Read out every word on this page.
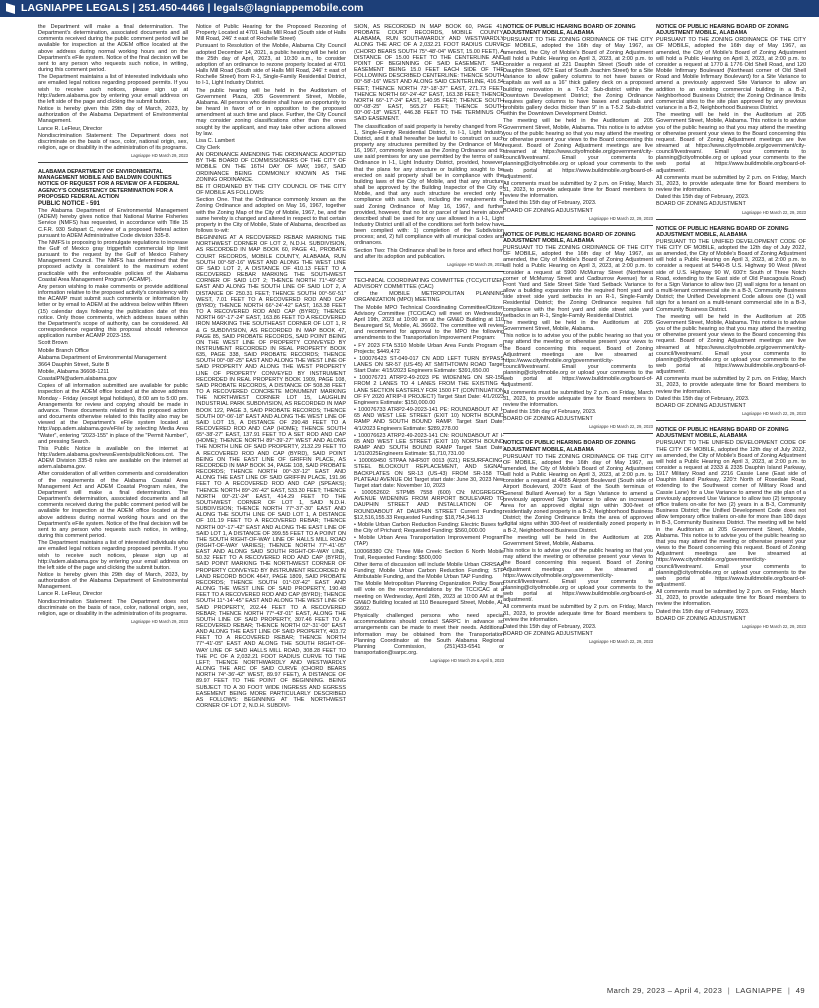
LAGNIAPPE LEGALS | 251.450-4466 | legals@lagniappemobile.com

the Department will make a final determination. The Department's determination, associated documents and all comments received during the public comment period will be available for inspection at the ADEM office located at the above address during normal working hours and on the Department's eFile system. Notice of the final decision will be sent to any person who requests such notice, in writing, during this comment period.

The Department maintains a list of interested individuals who are emailed legal notices regarding proposed permits. If you wish to receive such notices, please sign up at http://adem.alabama.gov by entering your email address on the left side of the page and clicking the submit button.

Notice is hereby given this 29th day of March, 2023, by authorization of the Alabama Department of Environmental Management.

Lance R. LeFleur, Director

Nondiscrimination Statement: The Department does not discriminate on the basis of race, color, national origin, sex, religion, age or disability in the administration of its programs.

Lagniappe HD March 29, 2023

ALABAMA DEPARTMENT OF ENVIRONMENTAL MANAGEMENT MOBILE AND BALDWIN COUNTIES NOTICE OF REQUEST FOR A REVIEW OF A FEDERAL AGENCY'S CONSISTENCY DETERMINATION FOR A PROPOSED FEDERAL ACTION

PUBLIC NOTICE - 591

The Alabama Department of Environmental Management (ADEM) hereby gives notice that National Marine Fisheries Service (NMFS) has requested, in accordance with Title 15 C.F.R. 930 Subpart C, review of a proposed federal action pursuant to ADEM Administrative Code division 335-8.

The NMFS is proposing to promulgate regulations to increase the Gulf of Mexico gray triggerfish commercial trip limit pursuant to the request by the Gulf of Mexico Fishery Management Council. The NMFS has determined that the proposed activity is consistent to the maximum extent practicable with the enforceable policies of the Alabama Coastal Area Management Program (ACAMP).

Any person wishing to make comments or provide additional information relative to the proposed activity's consistency with the ACAMP must submit such comments or information by letter or by email to ADEM at the address below within fifteen (15) calendar days following the publication date of this notice. Only those comments, which address issues within the Department's scope of authority, can be considered. All correspondence regarding this proposal should reference application number ACAMP 2023-155.

Scott Brown

Mobile Branch Office

Alabama Department of Environmental Management

3664 Dauphin Street, Suite B

Mobile, Alabama 36608-1211

CoastalPN@adem.alabama.gov

Copies of all information submitted are available for public inspection at the ADEM office located at the above address Monday - Friday (except legal holidays), 8:00 am to 5:00 pm. Arrangements for review and copying should be made in advance. These documents related to this proposed action and documents otherwise related to this facility also may be viewed at the Department's eFile system located at http://app.adem.alabama.gov/eFile/ by selecting Media Area "Water", entering "2023-155" in place of the "Permit Number", and pressing Search.

This Public Notice is available on the internet at http://adem.alabama.gov/newsEvents/publicNotices.cnt. The ADEM Division 335-8 rules are available on the internet at adem.alabama.gov.

After consideration of all written comments and consideration of the requirements of the Alabama Coastal Area Management Act and ADEM Coastal Program rules, the Department will make a final determination. The Department's determination, associated documents and all comments received during the public comment period will be available for inspection at the ADEM office located at the above address during normal working hours and on the Department's eFile system. Notice of the final decision will be sent to any person who requests such notice, in writing, during this comment period.

The Department maintains a list of interested individuals who are emailed legal notices regarding proposed permits. If you wish to receive such notices, please sign up at http://adem.alabama.gov by entering your email address on the left side of the page and clicking the submit button.

Notice is hereby given this 29th day of March, 2023, by authorization of the Alabama Department of Environmental Management.

Lance R. LeFleur, Director

Nondiscrimination Statement: The Department does not discriminate on the basis of race, color, national origin, sex, religion, age or disability in the administration of its programs.

Lagniappe HD March 29, 2023

Notice of Public Hearing for the Proposed Rezoning of Property Located at 4701 Halls Mill Road (South side of Halls Mill Road, 246' ± east of Rochelle Street)

Pursuant to Resolution of the Mobile, Alabama City Council adopted December 14, 2021, a public hearing will be held on the 25th day of April, 2023, at 10:30 a.m., to consider adoption of an ordinance to rezone property located at 4701 Halls Mill Road (South side of Halls Mill Road, 246' ± east of Rochelle Street) from R-1, Single-Family Residential District, to I-1, Light Industry District.

The public hearing will be held in the Auditorium of Government Plaza, 205 Government Street, Mobile, Alabama. All persons who desire shall have an opportunity to be heard in favor of or in opposition to the proposed amendment at such time and place. Further, the City Council may consider zoning classifications other than the ones sought by the applicant, and may take other actions allowed by law.

Lisa C. Lambert

City Clerk

AN ORDINANCE AMENDING THE ORDINANCE ADOPTED BY THE BOARD OF COMMISSIONERS OF THE CITY OF MOBILE ON THE 16TH DAY OF MAY, 1967, SAID ORDINANCE BEING COMMONLY KNOWN AS THE ZONING ORDINANCE.

BE IT ORDAINED BY THE CITY COUNCIL OF THE CITY OF MOBILE AS FOLLOWS:

Section One. That the Ordinance commonly known as the Zoning Ordinance and adopted on May 16, 1967, together with the Zoning Map of the City of Mobile, 1967, be, and the same hereby is changed and altered in respect to that certain property in the City of Mobile, State of Alabama, described as follows to-wit:

BEGINNING AT A RECOVERED REBAR MARKING THE NORTHWEST CORNER OF LOT 2, N.D.H. SUBDIVISION, AS RECORDED IN MAP BOOK 60, PAGE 41, PROBATE COURT RECORDS, MOBILE COUNTY, ALABAMA, RUN SOUTH 00°-58'-16" WEST AND ALONG THE WEST LINE OF SAID LOT 2, A DISTANCE OF 410.13 FEET TO A RECOVERED REBAR MARKING THE SOUTHWEST CORNER OF SAID LOT 2; THENCE NORTH 71°-49'-53" EAST AND ALONG THE SOUTH LINE OF SAID LOT 2, A DISTANCE OF 250.31 FEET; THENCE SOUTH 00°-56'-51" WEST, 7.01 FEET TO A RECOVERED ROD AND CAP (BYRD); THENCE NORTH 66°-24'-42" EAST, 163.38 FEET TO A RECOVERED ROD AND CAP (BYRD); THENCE NORTH 66°-17'-24" EAST, 163.86 FEET TO A RECOVERED IRON MARKING THE SOUTHEAST CORNER OF LOT 1, R & G SUBDIVISION, AS RECORDED IN MAP BOOK 47, PAGE 85, SAID PROBATE RECORDS, SAID POINT BEING ON THE WEST LINE OF PROPERTY CONVEYED BY INSTRUMENT RECORDED IN REAL PROPERTY BOOK 635, PAGE 338, SAID PROBATE RECORDS; THENCE SOUTH 00°-08'-25" EAST AND ALONG THE WEST LINE OF SAID PROPERTY AND ALONG THE WEST PROPERTY LINE OF PROPERTY CONVEYED BY INSTRUMENT RECORDED IN REAL PROPERTY BOOK 1909, PAGE 108, SAID PROBATE RECORDS, A DISTANCE OF 508.38 FEET TO A RECOVERED CONCRETE MONUMENT MARKING THE NORTHWEST CORNER LOT 15, LAUGHLIN INDUSTRIAL PARK SUBDIVISION, AS RECORDED IN MAP BOOK 122, PAGE 3, SAID PROBATE RECORDS; THENCE SOUTH 00°-06'-18" EAST AND ALONG THE WEST LINE OF SAID LOT 15, A DISTANCE OF 290.48 FEET TO A RECOVERED ROD AND CAP (HOME); THENCE SOUTH 65°-38'-27" EAST, 137.91 FEET TO A SET ROD AND CAP (HOME); THENCE NORTH 89°-39'-27" WEST AND ALONG THE NORTH LINE OF SAID PROPERTY, 2132.29 FEET TO A RECOVERED ROD AND CAP (BYRD), SAID POINT BEING ON THE EAST LINE OF GRIFFIN PLACE, AS RECORDED IN MAP BOOK 34, PAGE 108, SAID PROBATE RECORDS; THENCE NORTH 00°-33'-12" EAST AND ALONG THE EAST LINE OF SAID GRIFFIN PLACE, 191.96 FEET TO A RECOVERED ROD AND CAP (SPEAKS); THENCE NORTH 89°-26'-42" EAST, 533.30 FEET; THENCE NORTH 00°-21'-24" EAST, 414.29 FEET TO THE SOUTHWEST CORNER OF LOT 1, SAID N.D.H. SUBDIVISION; THENCE NORTH 77°-37'-30" EAST AND ALONG THE SOUTH LINE OF SAID LOT 1, A DISTANCE OF 101.19 FEET TO A RECOVERED REBAR; THENCE NORTH 00°-17'-42" EAST AND ALONG THE EAST LINE OF SAID LOT 1, A DISTANCE OF 399.55 FEET TO A POINT ON THE SOUTH RIGHT-OF-WAY LINE OF HALLS MILL ROAD (RIGHT-OF-WAY VARIES); THENCE NORTH 77°-41'-05" EAST AND ALONG SAID SOUTH RIGHT-OF-WAY LINE, 50.32 FEET TO A RECOVERED ROD AND CAP (BYRD), SAID POINT MARKING THE NORTHWEST CORNER OF PROPERTY CONVEYED BY INSTRUMENT RECORDED IN LAND RECORD BOOK 4647, PAGE 1809, SAID PROBATE RECORDS; THENCE SOUTH 01°-03'-42" EAST AND ALONG THE WEST LINE OF SAID PROPERTY, 190.48 FEET TO A RECOVERED ROD AND CAP (BYRD); THENCE SOUTH 11°-14'-45" EAST AND ALONG THE WEST LINE OF SAID PROPERTY, 202.44 FEET TO A RECOVERED REBAR; THENCE NORTH 77°-43'-01" EAST, ALONG THE SOUTH LINE OF SAID PROPERTY, 307.46 FEET TO A RECOVERED REBAR; THENCE NORTH 02°-31'-00" EAST AND ALONG THE EAST LINE OF SAID PROPERTY, 403.72 FEET TO A RECOVERED REBAR; THENCE NORTH 77°-41'-05" EAST AND ALONG THE SOUTH RIGHT-OF-WAY LINE OF SAID HALLS MILL ROAD, 308.28 FEET TO THE PC OF A 2,032.21 FOOT RADIUS CURVE TO THE LEFT; THENCE NORTHWARDLY AND WESTWARDLY ALONG THE ARC OF SAID CURVE (CHORD BEARS NORTH 74°-36'-42" WEST, 89.97 FEET), A DISTANCE OF 89.97 FEET TO THE POINT OF BEGINNING. BEING SUBJECT TO A 30 FOOT WIDE INGRESS AND EGRESS EASEMENT BEING MORE PARTICULARLY DESCRIBED AS FOLLOWS: BEGINNING AT THE NORTHWEST CORNER OF LOT 2, N.D.H. SUBDIVI-

SION, AS RECORDED IN MAP BOOK 60, PAGE 41, PROBATE COURT RECORDS, MOBILE COUNTY, ALABAMA, RUN SOUTHWARDLY AND WESTWARDLY ALONG THE ARC OF A 2,032.21 FOOT RADIUS CURVE (CHORD BEARS SOUTH 75°-48'-04" WEST, 15.00 FEET), A DISTANCE OF 15.00 FEET TO THE CENTERLINE AND POINT OF BEGINNING OF SAID EASEMENT. SAID EASEMENT BEING 15.0 FEET EACH SIDE OF THE FOLLOWING DESCRIBED CENTERLINE: THENCE SOUTH 00°-58'-16" WEST AND ALONG SAID CENTERLINE, 416.54 FEET; THENCE NORTH 73°-18'-37" EAST, 271.73 FEET; THENCE NORTH 66°-24'-42" EAST, 163.38 FEET; THENCE NORTH 66°-17'-24" EAST, 140.95 FEET; THENCE SOUTH 00°-08'-25" EAST, 565.27 FEET; THENCE SOUTH 00°-06'-18" WEST, 446.38 FEET TO THE TERMINUS OF SAID EASEMENT.

The classification of said property is hereby changed from R-1, Single-Family Residential District, to I-1, Light Industry District, and it shall hereafter be lawful to construct on such property any structures permitted by the Ordinance of May 16, 1967, commonly known as the Zoning Ordinance and to use said premises for any use permitted by the terms of said Ordinance in I-1, Light Industry District, provided, however, that the plans for any structure or building sought to be erected on said property shall be in compliance with the building laws of the City of Mobile, and that any structure shall be approved by the Building Inspector of the City of Mobile, and that any such structure be erected only in compliance with such laws, including the requirements of said Zoning Ordinance of May 16, 1967, and further provided, however, that no lot or parcel of land herein above described shall be used for any use allowed in a I-1, Light Industry District until all of the conditions set forth below have been complied with: 1) completion of the Subdivision process; and, 2) full compliance with all municipal codes and ordinances.

Section Two: This Ordinance shall be in force and effect from and after its adoption and publication.

Lagniappe HD March 29, 2023

TECHNICAL COORDINATING COMMITTEE (TCC)/CITIZEN ADVISORY COMMITTEE (CAC)

of the MOBILE METROPOLITAN PLANNING ORGANIZATION (MPO) MEETING

The Mobile MPO Technical Coordinating Committee/Citizen Advisory Committee (TCC/CAC) will meet on Wednesday, April 19th, 2023 at 10:00 am at the GM&O Building at 110 Beauregard St, Mobile, AL 36602. The committee will review and recommend for approval to the MPO the following amendments to the Transportation Improvement Program:

• FY 2023 FTA 5310 Mobile Urban Area Funds Program of Projects; $449,472

• 100076423 ST-049-017 CN ADD LEFT TURN BYPASS LANES ON SR-57 (US-45) AT SMITHTOWN ROAD Target Start Date: 4/15/2023 Engineers Estimate: $391,650.00

• 100076721 ATRP2-49-2023 PE WIDENING ON SR-158 FROM 2 LANES TO 4 LANES FROM THE EXISTING 4 LANE SECTION EASTERLY FOR 1500 FT (CONTINUATION OF FY 2020 ATRIP-II PROJECT) Target Start Date: 4/1/2023 Engineers Estimate: $150,000.00

• 100076733 ATRP2-49-2023-141 PE: ROUNDABOUT AT I-65 AND WEST LEE STREET (EXIT 10) NORTH BOUND RAMP AND SOUTH BOUND RAMP. Target Start Date: 4/1/2023 Engineers Estimate: $289,278.00

• 100076623 ATRP2-49-2023-141 CN: ROUNDABOUT AT I-65 AND WEST LEE STREET (EXIT 10) NORTH BOUND RAMP AND SOUTH BOUND RAMP Target Start Date: 1/31/2025Engineers Estimate: $1,710,731.00

• 100069450 STPAA NHF50T 0013 (621) RESURFACING, STEEL BLOCKOUT REPLACEMENT, AND SIGNAL BACKPLATES ON SR-13 (US-43) FROM SR-158 TO PLATEAU AVENUE Old Target start date: June 30, 2023 New Target start date: November 10, 2023

• 100052602: STPMB 7558 (600) CN: MCGREGOR AVENUE WIDENING FROM AIRPORT BOULEVARD TO DAUPHIN STREET AND INSTALLATION OF A ROUNDABOUT AT DAUPHIN STREET Current Funding: $12,516,155.33 Requested Funding: $18,754,346.13

• Mobile Urban Carbon Reduction Funding: Electric Buses for the City of Prichard; Requested Funding: $560,000.00

• Mobile Urban Area Transportation Improvement Program (TAP)

100068380 CN: Three Mile Creek: Section 6 North Mobile Trail, Requested Funding: $500,000

Other items of discussion will include Mobile Urban CRRSAA Funding; Mobile Urban Carbon Reduction Funding; STP Attributable Funding, and the Mobile Urban TAP Funding.

The Mobile Metropolitan Planning Organization Policy Board will vote on the recommendations by the TCC/CAC at a meeting on Wednesday, April 26th, 2023 at 10:00 AM at the GM&O Building located at 110 Beauregard Street, Mobile, AL 36602.

Physically challenged persons who need special accommodations should contact SARPC in advance so arrangements can be made to meet their needs. Additional information may be obtained from the Transportation Planning Coordinator at the South Alabama Regional Planning Commission, (251)433-6541 or transportation@sarpc.org.

Lagniappe HD March 29 & April 5, 2023

NOTICE OF PUBLIC HEARING BOARD OF ZONING ADJUSTMENT MOBILE, ALABAMA

PURSUANT TO THE ZONING ORDINANCE OF THE CITY OF MOBILE, adopted the 16th day of May 1967, as amended, the City of Mobile's Board of Zoning Adjustment will hold a Public Hearing on April 3, 2023, at 2:00 p.m. to consider a request at 221 Dauphin Street (South side of Dauphin Street, 60'± East of South Joachim Street) for a Site Variance to allow gallery columns to not have bases or capitals as well as a 16" thick gallery deck on a proposed building renovation in a T-5.2 Sub-district within the Downtown Development District; the Zoning Ordinance requires gallery columns to have bases and capitals and prohibits gallery decks thicker than 9" in a T-5.2 Sub-district within the Downtown Development District.

The meeting will be held in the Auditorium at 205 Government Street, Mobile, Alabama. This notice is to advise you of the public hearing so that you may attend the meeting or otherwise present your views to the Board concerning this request. Board of Zoning Adjustment meetings are live streamed at https://www.cityofmobile.org/government/city-council/livestream/. Email your comments to planning@cityofmobile.org or upload your comments to the web portal at https://www.buildmobile.org/board-of-adjustment/.

All comments must be submitted by 2 p.m. on Friday, March 31, 2023, to provide adequate time for Board members to review the information.

Dated this 15th day of February, 2023.

BOARD OF ZONING ADJUSTMENT

Lagniappe HD March 22, 29, 2023

NOTICE OF PUBLIC HEARING BOARD OF ZONING ADJUSTMENT MOBILE, ALABAMA

PURSUANT TO THE ZONING ORDINANCE OF THE CITY OF MOBILE, adopted the 16th day of May 1967, as amended, the City of Mobile's Board of Zoning Adjustment will hold a Public Hearing on April 3, 2023, at 2:00 p.m. to consider a request at 5900 McMurray Street (Northwest corner of McMurray Street and Cadburrow Avenue) for a Front Yard and Side Street Side Yard Setback Variance to allow a building expansion into the required front yard and side street side yard setbacks in an R-1, Single-Family Residential District; the Zoning Ordinance requires full compliance with the front yard and side street side yard setbacks in an R-1, Single-Family Residential District.

The meeting will be held in the Auditorium at 205 Government Street, Mobile, Alabama.

This notice is to advise you of the public hearing so that you may attend the meeting or otherwise present your views to the Board concerning this request. Board of Zoning Adjustment meetings are live streamed at https://www.cityofmobile.org/government/city-council/livestream/. Email your comments to planning@cityofmobile.org or upload your comments to the web portal at https://www.buildmobile.org/board-of-adjustment/.

All comments must be submitted by 2 p.m. on Friday, March 31, 2023, to provide adequate time for Board members to review the information.

Dated this 15th day of February, 2023.

BOARD OF ZONING ADJUSTMENT

Lagniappe HD March 22, 29, 2023

NOTICE OF PUBLIC HEARING BOARD OF ZONING ADJUSTMENT MOBILE, ALABAMA

PURSUANT TO THE ZONING ORDINANCE OF THE CITY OF MOBILE, adopted the 16th day of May 1967, as amended, the City of Mobile's Board of Zoning Adjustment will hold a Public Hearing on April 3, 2023, at 2:00 p.m. to consider a request at 4685 Airport Boulevard (South side of Airport Boulevard, 200'± East of the South terminus of General Bullard Avenue) for a Sign Variance to amend a previously approved Sign Variance to allow an increased area for an approved digital sign within 300-feet of residentially zoned property in a B-2, Neighborhood Business District; the Zoning Ordinance limits the area of approved digital signs within 300-feet of residentially zoned property in a B-2, Neighborhood Business District.

The meeting will be held in the Auditorium at 205 Government Street, Mobile, Alabama.

This notice is to advise you of the public hearing so that you may attend the meeting or otherwise present your views to the Board concerning this request. Board of Zoning Adjustment meetings are live streamed at https://www.cityofmobile.org/government/city-council/livestream/. Email your comments to planning@cityofmobile.org or upload your comments to the web portal at https://www.buildmobile.org/board-of-adjustment/.

All comments must be submitted by 2 p.m. on Friday, March 31, 2023, to provide adequate time for Board members to review the information.

Dated this 15th day of February, 2023.

BOARD OF ZONING ADJUSTMENT

Lagniappe HD March 22, 29, 2023

NOTICE OF PUBLIC HEARING BOARD OF ZONING ADJUSTMENT MOBILE, ALABAMA

PURSUANT TO THE ZONING ORDINANCE OF THE CITY OF MOBILE, adopted the 16th day of May 1967, as amended, the City of Mobile's Board of Zoning Adjustment will hold a Public Hearing on April 3, 2023, at 2:00 p.m. to consider a request at 1770 & 1776 Old Shell Road, and 120 Mobile Infirmary Boulevard (Northeast corner of Old Shell Road and Mobile Infirmary Boulevard) for a Site Variance to amend a previously approved Site Variance to allow an addition to an existing commercial building in a B-2, Neighborhood Business District; the Zoning Ordinance limits commercial sites to the site plan approved by any previous variance in a B-2, Neighborhood Business District.

The meeting will be held in the Auditorium at 205 Government Street, Mobile, Alabama. This notice is to advise you of the public hearing so that you may attend the meeting or otherwise present your views to the Board concerning this request. Board of Zoning Adjustment meetings are live streamed at https://www.cityofmobile.org/government/city-council/livestream/. Email your comments to planning@cityofmobile.org or upload your comments to the web portal at https://www.buildmobile.org/board-of-adjustment/.

All comments must be submitted by 2 p.m. on Friday, March 31, 2023, to provide adequate time for Board members to review the information.

Dated this 15th day of February, 2023.

BOARD OF ZONING ADJUSTMENT

Lagniappe HD March 22, 29, 2023

NOTICE OF PUBLIC HEARING BOARD OF ZONING ADJUSTMENT MOBILE, ALABAMA

PURSUANT TO THE UNIFIED DEVELOPMENT CODE OF THE CITY OF MOBILE, adopted the 12th day of July 2022, as amended, the City of Mobile's Board of Zoning Adjustment will hold a Public Hearing on April 3, 2023, at 2:00 p.m. to consider a request at 5440-B U.S. Highway 90 West (West side of U.S. Highway 90 W, 600'± South of Three Notch Road, extending to the East side of Old Pascagoula Road) for a Sign Variance to allow two (2) wall signs for a tenant on a multi-tenant commercial site in a B-3, Community Business District; the Unified Development Code allows one (1) wall sign for a tenant on a multi-tenant commercial site in a B-3, Community Business District.

The meeting will be held in the Auditorium at 205 Government Street, Mobile, Alabama. This notice is to advise you of the public hearing so that you may attend the meeting or otherwise present your views to the Board concerning this request. Board of Zoning Adjustment meetings are live streamed at https://www.cityofmobile.org/government/city-council/livestream/. Email your comments to planning@cityofmobile.org or upload your comments to the web portal at https://www.buildmobile.org/board-of-adjustment/.

All comments must be submitted by 2 p.m. on Friday, March 31, 2023, to provide adequate time for Board members to review the information.

Dated this 15th day of February, 2023.

BOARD OF ZONING ADJUSTMENT

Lagniappe HD March 22, 29, 2023

NOTICE OF PUBLIC HEARING BOARD OF ZONING ADJUSTMENT MOBILE, ALABAMA

PURSUANT TO THE UNIFIED DEVELOPMENT CODE OF THE CITY OF MOBILE, adopted the 12th day of July 2022, as amended, the City of Mobile's Board of Zoning Adjustment will hold a Public Hearing on April 3, 2023, at 2:00 p.m. to consider a request at 2333 & 2335 Dauphin Island Parkway, 1917 Military Road and 2216 Cassie Lane (East side of Dauphin Island Parkway, 220'± North of Rosedale Road, extending to the Southwest corner of Military Road and Cassie Lane) for a Use Variance to amend the site plan of a previously approved Use Variance to allow two (2) temporary office trailers on-site for two (2) years in a B-3, Community Business District; the Unified Development Code does not allow temporary office trailers on-site for more than 180 days in B-3, Community Business District. The meeting will be held in the Auditorium at 205 Government Street, Mobile, Alabama. This notice is to advise you of the public hearing so that you may attend the meeting or otherwise present your views to the Board concerning this request. Board of Zoning Adjustment meetings are live streamed at https://www.cityofmobile.org/government/city-council/livestream/. Email your comments to planning@cityofmobile.org or upload your comments to the web portal at https://www.buildmobile.org/board-of-adjustment/.

All comments must be submitted by 2 p.m. on Friday, March 31, 2023, to provide adequate time for Board members to review the information.

Dated this 15th day of February, 2023.

BOARD OF ZONING ADJUSTMENT

Lagniappe HD March 22, 29, 2023
March 29, 2023 – April 4, 2023 | LAGNIAPPE | 49
